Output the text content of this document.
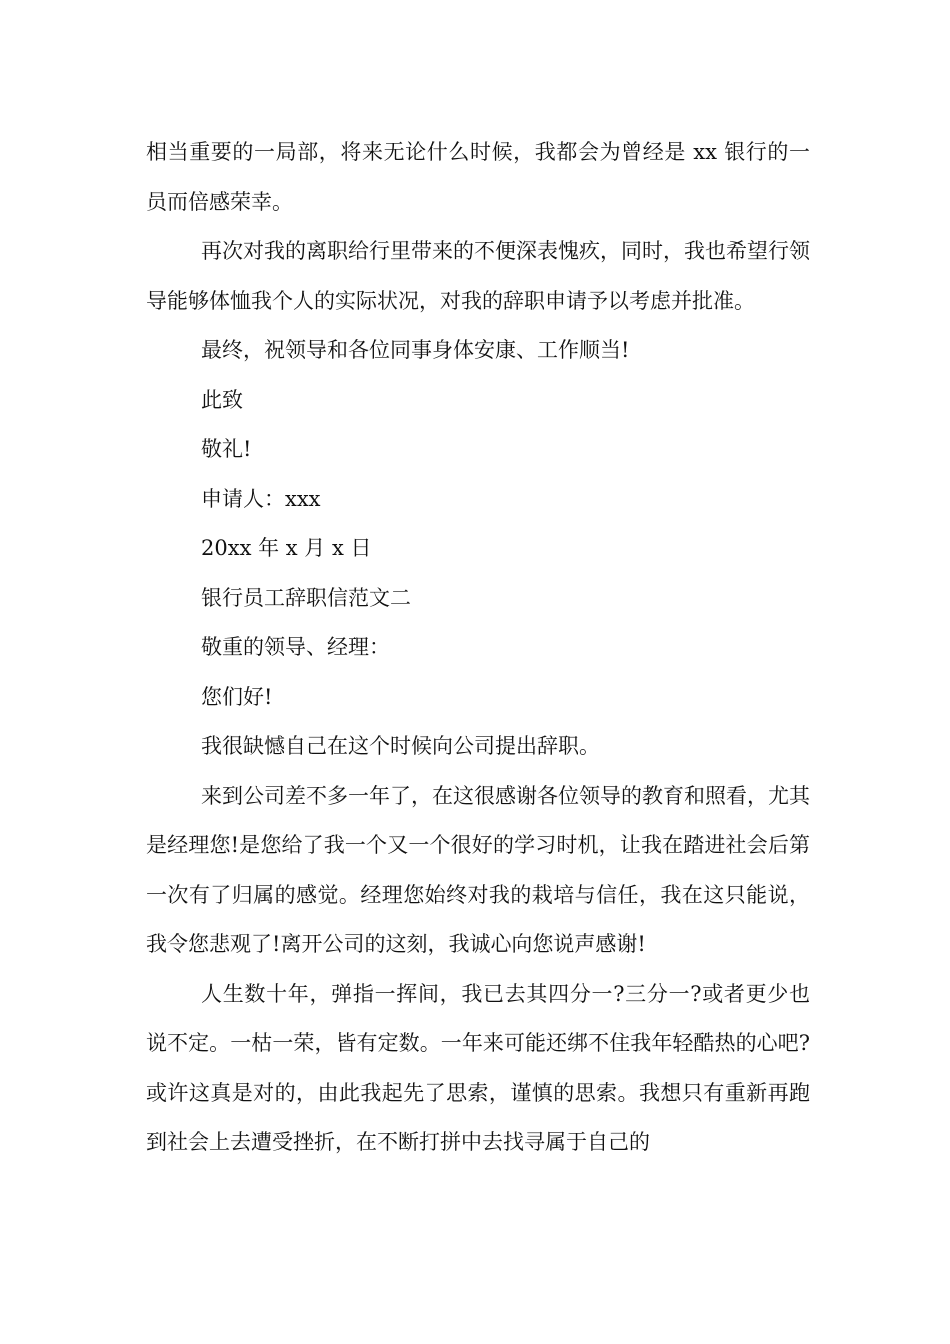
相当重要的一局部，将来无论什么时候，我都会为曾经是 xx 银行的一员而倍感荣幸。

再次对我的离职给行里带来的不便深表愧疚，同时，我也希望行领导能够体恤我个人的实际状况，对我的辞职申请予以考虑并批准。

最终，祝领导和各位同事身体安康、工作顺当!

此致

敬礼!

申请人：xxx

20xx 年 x 月 x 日

银行员工辞职信范文二

敬重的领导、经理：

您们好!

我很缺憾自己在这个时候向公司提出辞职。

来到公司差不多一年了，在这很感谢各位领导的教育和照看，尤其是经理您!是您给了我一个又一个很好的学习时机，让我在踏进社会后第一次有了归属的感觉。经理您始终对我的栽培与信任，我在这只能说，我令您悲观了!离开公司的这刻，我诚心向您说声感谢!

人生数十年，弹指一挥间，我已去其四分一?三分一?或者更少也说不定。一枯一荣，皆有定数。一年来可能还绑不住我年轻酷热的心吧?或许这真是对的，由此我起先了思索，谨慎的思索。我想只有重新再跑到社会上去遭受挫折，在不断打拼中去找寻属于自己的
